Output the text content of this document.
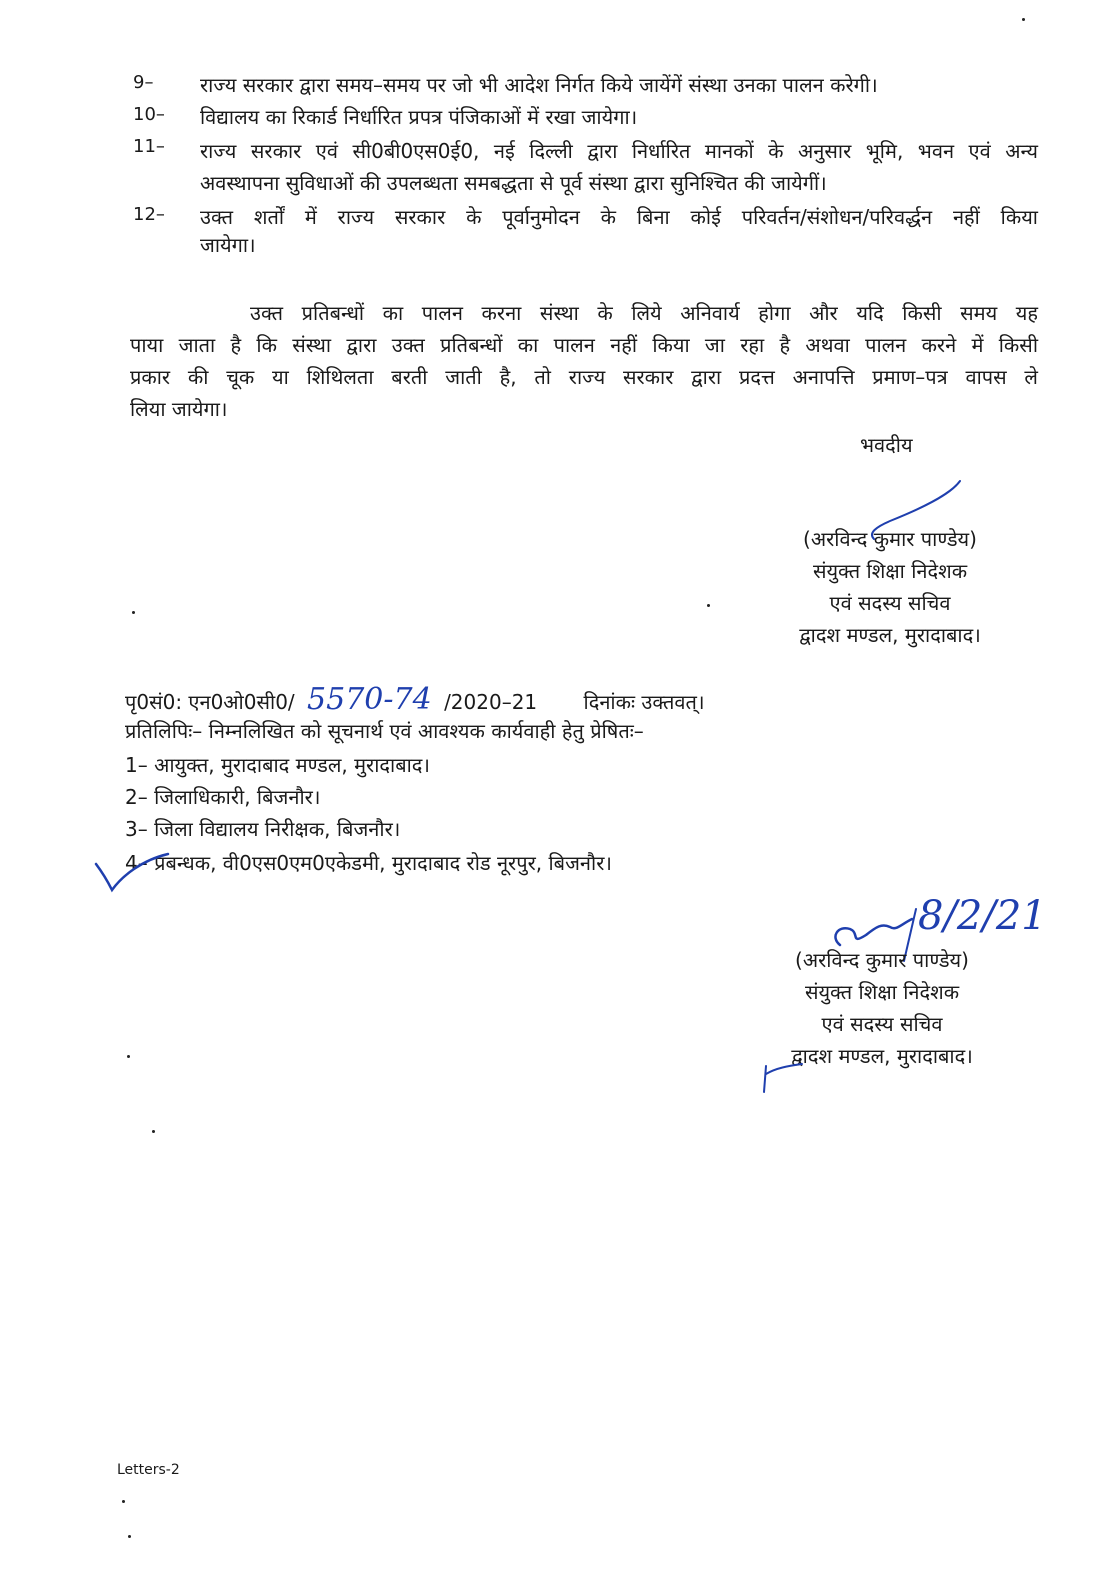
9– राज्य सरकार द्वारा समय–समय पर जो भी आदेश निर्गत किये जायेंगें संस्था उनका पालन करेगी।
10– विद्यालय का रिकार्ड निर्धारित प्रपत्र पंजिकाओं में रखा जायेगा।
11– राज्य सरकार एवं सी0बी0एस0ई0, नई दिल्ली द्वारा निर्धारित मानकों के अनुसार भूमि, भवन एवं अन्य
अवस्थापना सुविधाओं की उपलब्धता समबद्धता से पूर्व संस्था द्वारा सुनिश्चित की जायेगीं।
12– उक्त शर्तों में राज्य सरकार के पूर्वानुमोदन के बिना कोई परिवर्तन/संशोधन/परिवर्द्धन नहीं किया
जायेगा।
उक्त प्रतिबन्धों का पालन करना संस्था के लिये अनिवार्य होगा और यदि किसी समय यह
पाया जाता है कि संस्था द्वारा उक्त प्रतिबन्धों का पालन नहीं किया जा रहा है अथवा पालन करने में किसी
प्रकार की चूक या शिथिलता बरती जाती है, तो राज्य सरकार द्वारा प्रदत्त अनापत्ति प्रमाण–पत्र वापस ले
लिया जायेगा।
भवदीय
(अरविन्द कुमार पाण्डेय)
संयुक्त शिक्षा निदेशक
एवं सदस्य सचिव
द्वादश मण्डल, मुरादाबाद।
पृ0सं0: एन0ओ0सी0/ 5570-74 /2020–21 दिनांकः उक्तवत्।
प्रतिलिपिः– निम्नलिखित को सूचनार्थ एवं आवश्यक कार्यवाही हेतु प्रेषितः–
1– आयुक्त, मुरादाबाद मण्डल, मुरादाबाद।
2– जिलाधिकारी, बिजनौर।
3– जिला विद्यालय निरीक्षक, बिजनौर।
4– प्रबन्धक, वी0एस0एम0एकेडमी, मुरादाबाद रोड नूरपुर, बिजनौर।
8/2/21
(अरविन्द कुमार पाण्डेय)
संयुक्त शिक्षा निदेशक
एवं सदस्य सचिव
द्वादश मण्डल, मुरादाबाद।
Letters-2
